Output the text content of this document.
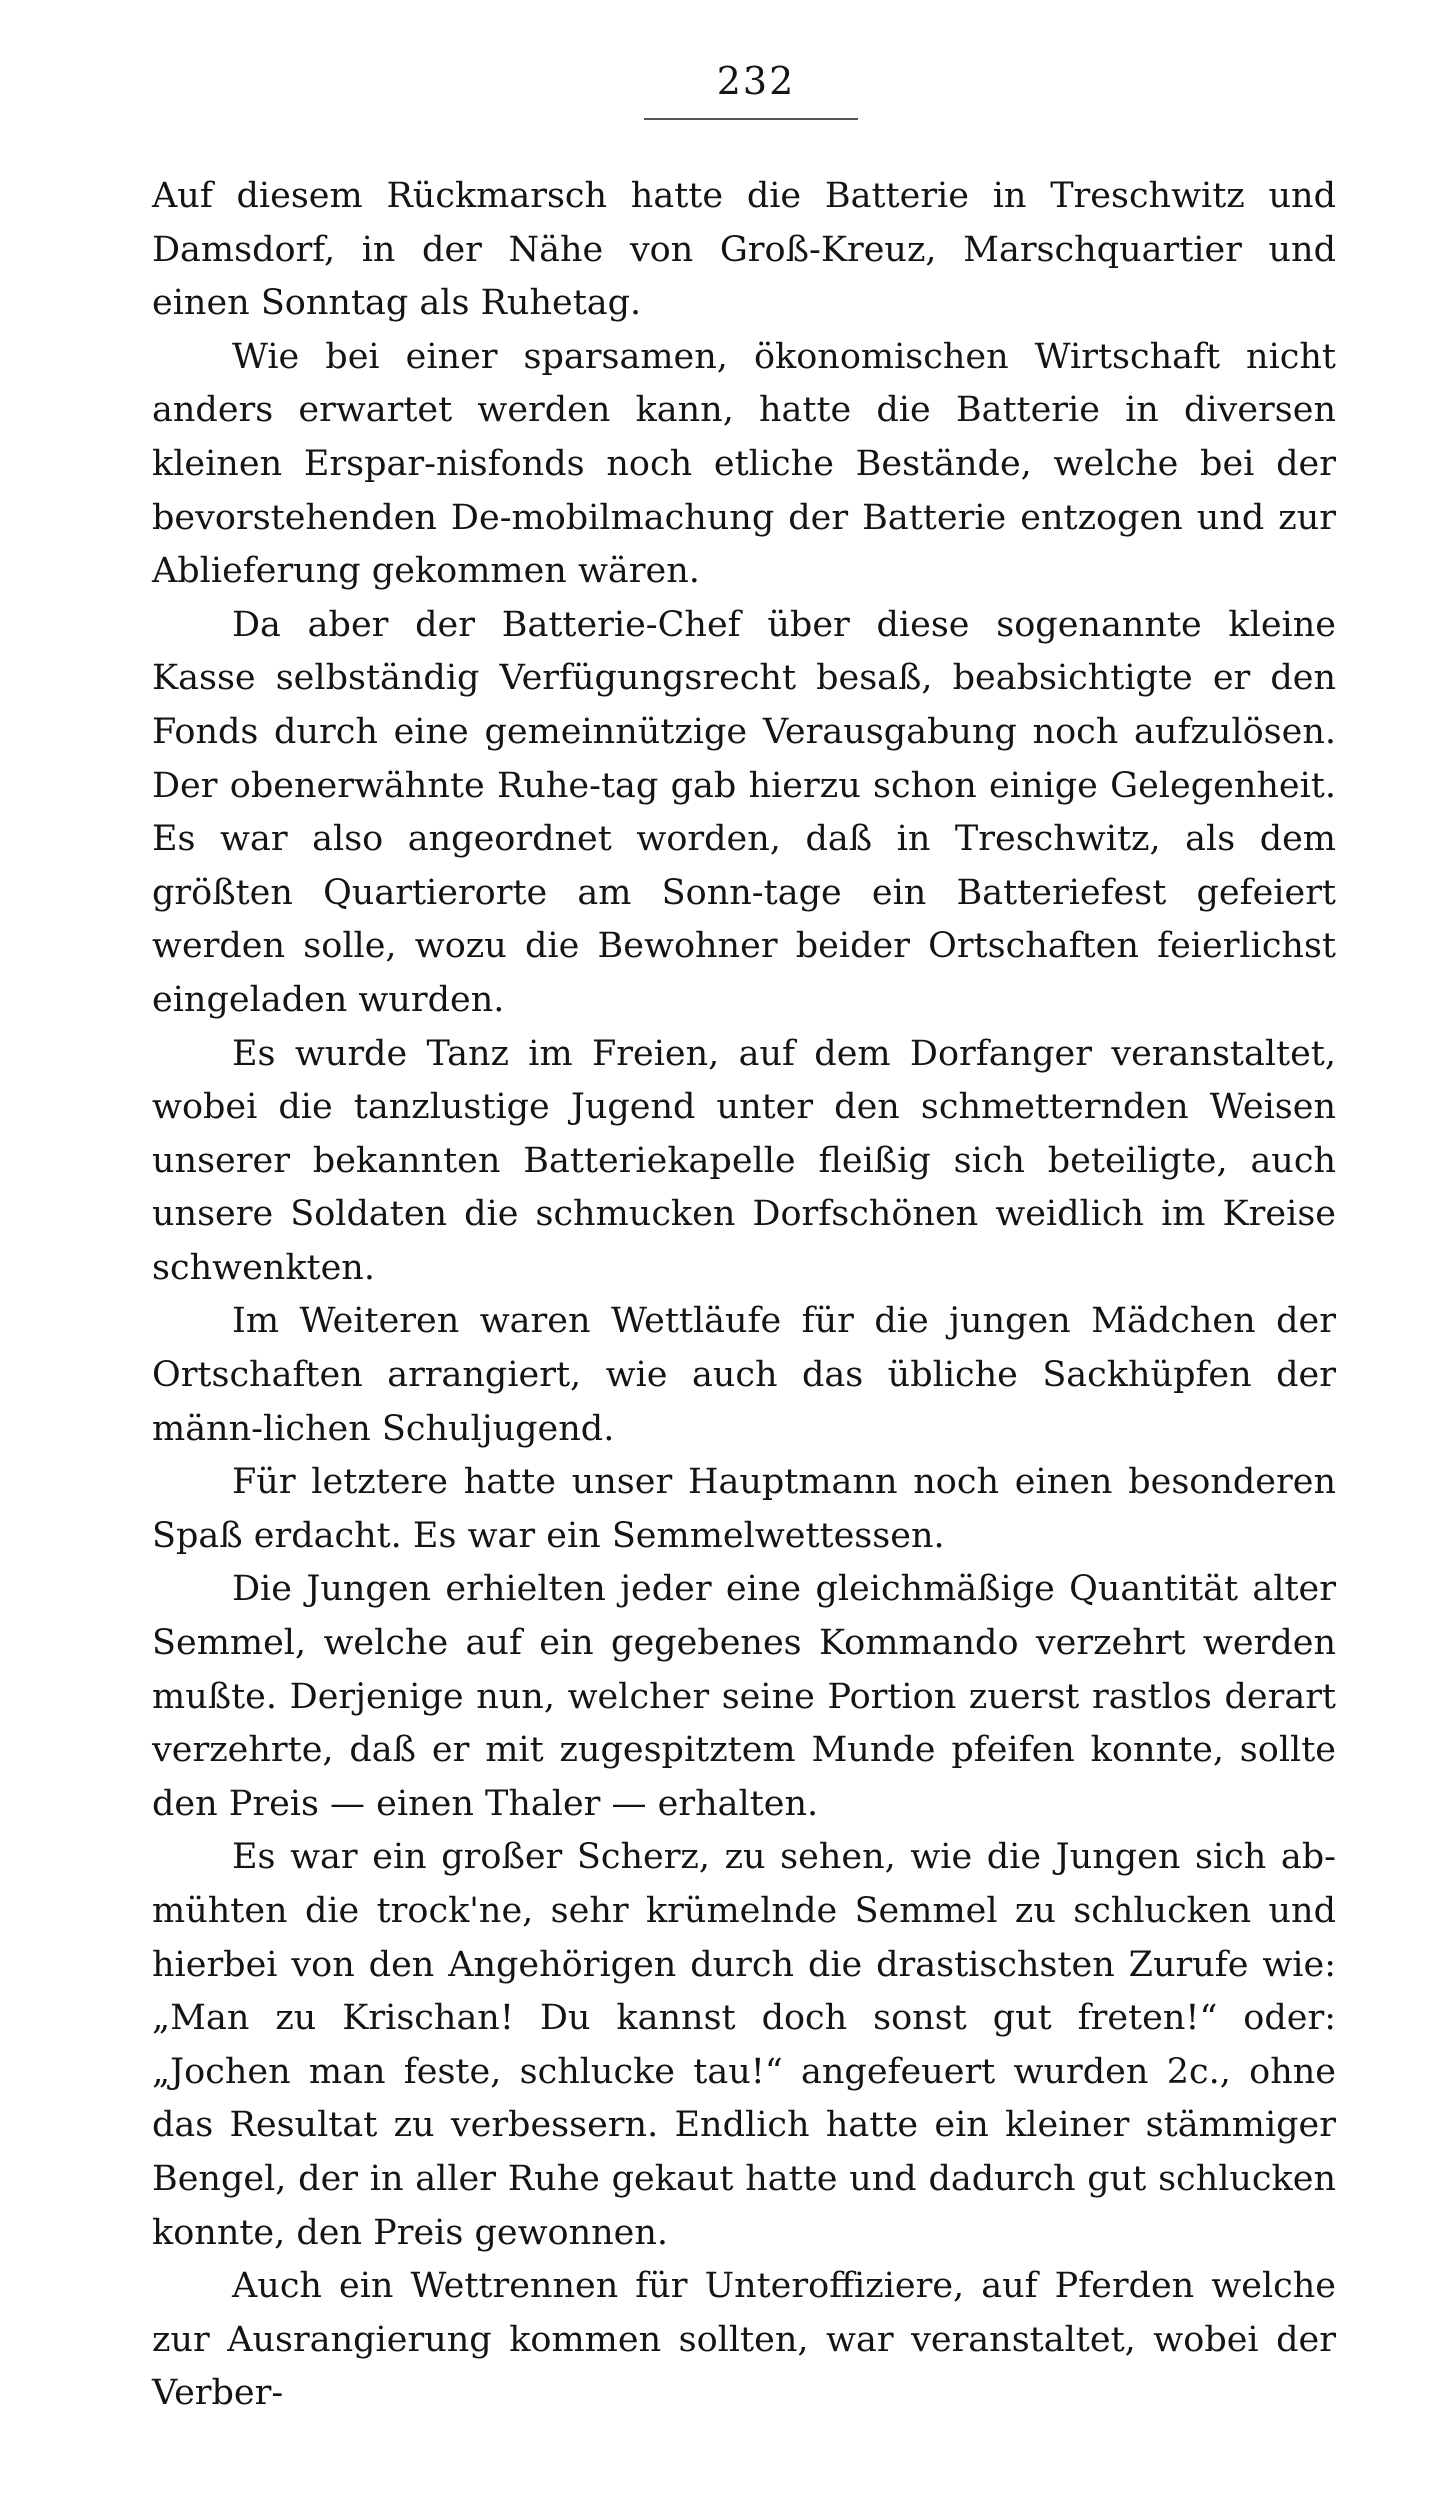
232

Auf diesem Rückmarsch hatte die Batterie in Treschwitz und Damsdorf, in der Nähe von Groß-Kreuz, Marschquartier und einen Sonntag als Ruhetag.

Wie bei einer sparsamen, ökonomischen Wirtschaft nicht anders erwartet werden kann, hatte die Batterie in diversen kleinen Erspar-nisfonds noch etliche Bestände, welche bei der bevorstehenden De-mobilmachung der Batterie entzogen und zur Ablieferung gekommen wären.

Da aber der Batterie-Chef über diese sogenannte kleine Kasse selbständig Verfügungsrecht besaß, beabsichtigte er den Fonds durch eine gemeinnützige Verausgabung noch aufzulösen. Der obenerwähnte Ruhe-tag gab hierzu schon einige Gelegenheit. Es war also angeordnet worden, daß in Treschwitz, als dem größten Quartierorte am Sonn-tage ein Batteriefest gefeiert werden solle, wozu die Bewohner beider Ortschaften feierlichst eingeladen wurden.

Es wurde Tanz im Freien, auf dem Dorfanger veranstaltet, wobei die tanzlustige Jugend unter den schmetternden Weisen unserer bekannten Batteriekapelle fleißig sich beteiligte, auch unsere Soldaten die schmucken Dorfschönen weidlich im Kreise schwenkten.

Im Weiteren waren Wettläufe für die jungen Mädchen der Ortschaften arrangiert, wie auch das übliche Sackhüpfen der männ-lichen Schuljugend.

Für letztere hatte unser Hauptmann noch einen besonderen Spaß erdacht. Es war ein Semmelwettessen.

Die Jungen erhielten jeder eine gleichmäßige Quantität alter Semmel, welche auf ein gegebenes Kommando verzehrt werden mußte. Derjenige nun, welcher seine Portion zuerst rastlos derart verzehrte, daß er mit zugespitztem Munde pfeifen konnte, sollte den Preis — einen Thaler — erhalten.

Es war ein großer Scherz, zu sehen, wie die Jungen sich ab-mühten die trock'ne, sehr krümelnde Semmel zu schlucken und hierbei von den Angehörigen durch die drastischsten Zurufe wie: „Man zu Krischan! Du kannst doch sonst gut freten!“ oder: „Jochen man feste, schlucke tau!“ angefeuert wurden 2c., ohne das Resultat zu verbessern. Endlich hatte ein kleiner stämmiger Bengel, der in aller Ruhe gekaut hatte und dadurch gut schlucken konnte, den Preis gewonnen.

Auch ein Wettrennen für Unteroffiziere, auf Pferden welche zur Ausrangierung kommen sollten, war veranstaltet, wobei der Verber-
